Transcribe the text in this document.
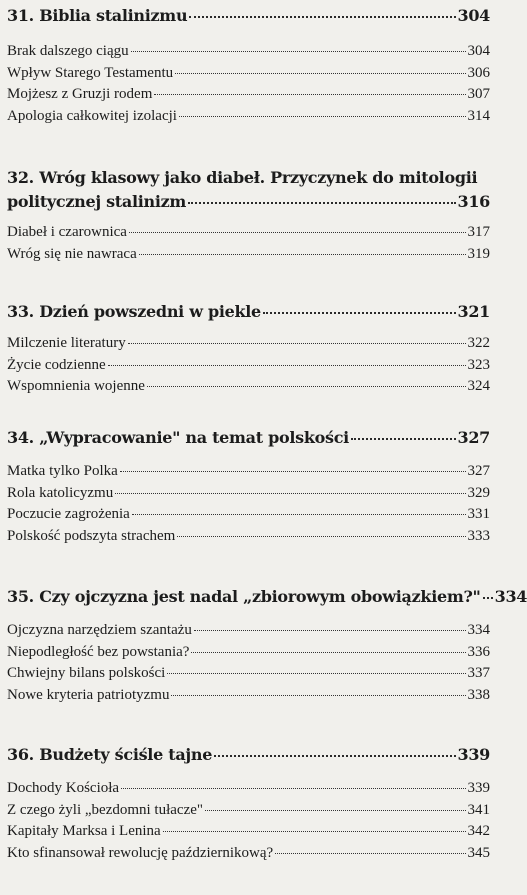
31. Biblia stalinizmu	304
Brak dalszego ciągu	304
Wpływ Starego Testamentu	306
Mojżesz z Gruzji rodem	307
Apologia całkowitej izolacji	314
32. Wróg klasowy jako diabeł. Przyczynek do mitologii
politycznej stalinizm	316
Diabeł i czarownica	317
Wróg się nie nawraca	319
33. Dzień powszedni w piekle	321
Milczenie literatury	322
Życie codzienne	323
Wspomnienia wojenne	324
34. „Wypracowanie" na temat polskości	327
Matka tylko Polka	327
Rola katolicyzmu	329
Poczucie zagrożenia	331
Polskość podszyta strachem	333
35. Czy ojczyzna jest nadal „zbiorowym obowiązkiem?" 334
Ojczyzna narzędziem szantażu	334
Niepodległość bez powstania?	336
Chwiejny bilans polskości	337
Nowe kryteria patriotyzmu	338
36. Budżety ściśle tajne	339
Dochody Kościoła	339
Z czego żyli „bezdomni tułacze"	341
Kapitały Marksa i Lenina	342
Kto sfinansował rewolucję październikową?	345
